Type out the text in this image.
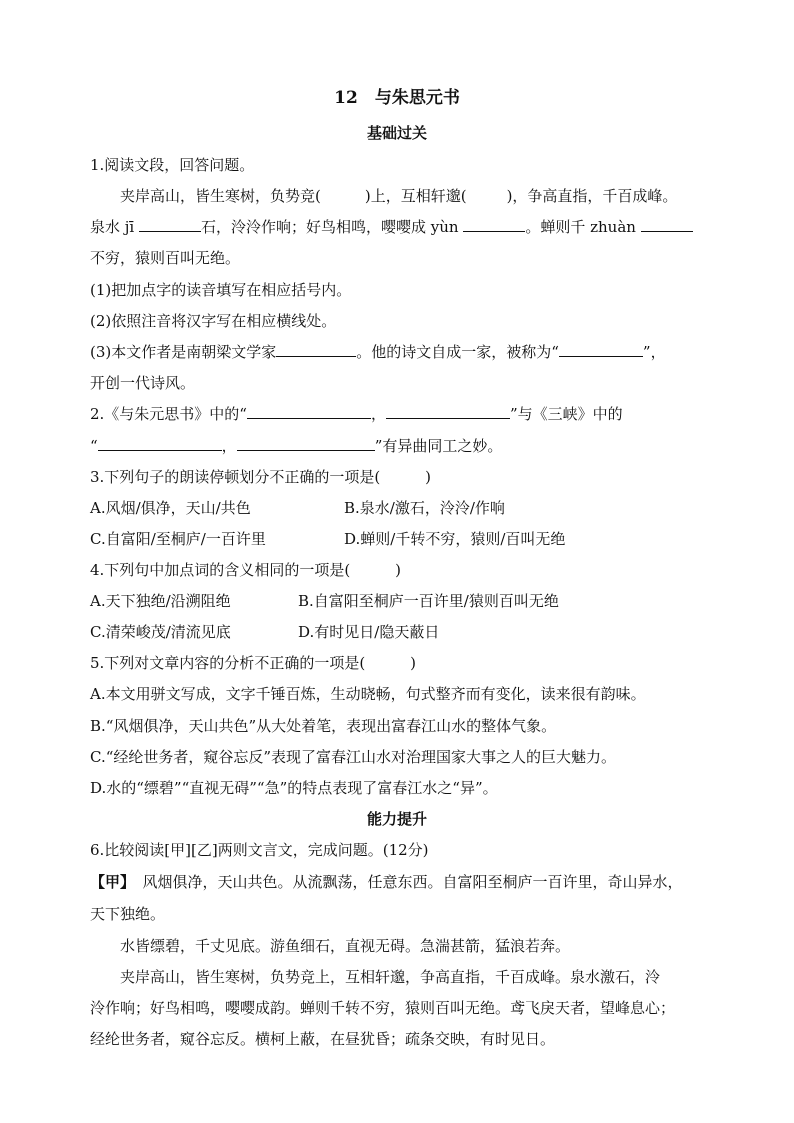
12　与朱思元书
基础过关
1.阅读文段，回答问题。
夹岸高山，皆生寒树，负势竞(	)上，互相轩邈(	)，争高直指，千百成峰。
泉水 jī	石，泠泠作响；好鸟相鸣，嘤嘤成 yùn	。蝉则千 zhuàn
不穷，猿则百叫无绝。
(1)把加点字的读音填写在相应括号内。
(2)依照注音将汉字写在相应横线处。
(3)本文作者是南朝梁文学家	。他的诗文自成一家，被称为“	”，
开创一代诗风。
2.《与朱元思书》中的“	，	”与《三峡》中的
“	，	”有异曲同工之妙。
3.下列句子的朗读停顿划分不正确的一项是(　　　)
A.风烟/俱净，天山/共色	B.泉水/激石，泠泠/作响
C.自富阳/至桐庐/一百许里	D.蝉则/千转不穷，猿则/百叫无绝
4.下列句中加点词的含义相同的一项是(　　　)
A.天下独绝/沿溯阻绝	B.自富阳至桐庐一百许里/猿则百叫无绝
C.清荣峻茂/清流见底	D.有时见日/隐天蔽日
5.下列对文章内容的分析不正确的一项是(　　　)
A.本文用骈文写成，文字千锤百炼，生动晓畅，句式整齐而有变化，读来很有韵味。
B.“风烟俱净，天山共色”从大处着笔，表现出富春江山水的整体气象。
C.“经纶世务者，窥谷忘反”表现了富春江山水对治理国家大事之人的巨大魅力。
D.水的“缥碧”“直视无碍”“急”的特点表现了富春江水之“异”。
能力提升
6.比较阅读[甲][乙]两则文言文，完成问题。(12分)
【甲】　风烟俱净，天山共色。从流飘荡，任意东西。自富阳至桐庐一百许里，奇山异水，
天下独绝。
水皆缥碧，千丈见底。游鱼细石，直视无碍。急湍甚箭，猛浪若奔。
夹岸高山，皆生寒树，负势竞上，互相轩邈，争高直指，千百成峰。泉水激石，泠
泠作响；好鸟相鸣，嘤嘤成韵。蝉则千转不穷，猿则百叫无绝。鸢飞戾天者，望峰息心；
经纶世务者，窥谷忘反。横柯上蔽，在昼犹昏；疏条交映，有时见日。
